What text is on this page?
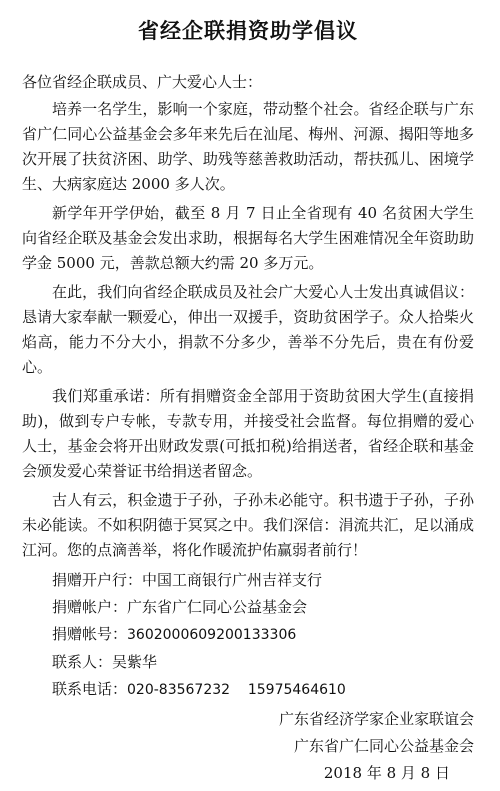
省经企联捐资助学倡议
各位省经企联成员、广大爱心人士：

培养一名学生，影响一个家庭，带动整个社会。省经企联与广东省广仁同心公益基金会多年来先后在汕尾、梅州、河源、揭阳等地多次开展了扶贫济困、助学、助残等慈善救助活动，帮扶孤儿、困境学生、大病家庭达 2000 多人次。

新学年开学伊始，截至 8 月 7 日止全省现有 40 名贫困大学生向省经企联及基金会发出求助，根据每名大学生困难情况全年资助助学金 5000 元，善款总额大约需 20 多万元。

在此，我们向省经企联成员及社会广大爱心人士发出真诚倡议：恳请大家奉献一颗爱心，伸出一双援手，资助贫困学子。众人拾柴火焰高，能力不分大小，捐款不分多少，善举不分先后，贵在有份爱心。

我们郑重承诺：所有捐赠资金全部用于资助贫困大学生(直接捐助)，做到专户专帐，专款专用，并接受社会监督。每位捐赠的爱心人士，基金会将开出财政发票(可抵扣税)给捐送者，省经企联和基金会颁发爱心荣誉证书给捐送者留念。

古人有云，积金遗于子孙，子孙未必能守。积书遗于子孙，子孙未必能读。不如积阴德于冥冥之中。我们深信：涓流共汇，足以涌成江河。您的点滴善举，将化作暖流护佑赢弱者前行！

捐赠开户行：中国工商银行广州吉祥支行
捐赠帐户：广东省广仁同心公益基金会
捐赠帐号：3602000609200133306
联系人：吴紫华
联系电话：020-83567232    15975464610
广东省经济学家企业家联谊会
广东省广仁同心公益基金会
2018 年 8 月 8 日
